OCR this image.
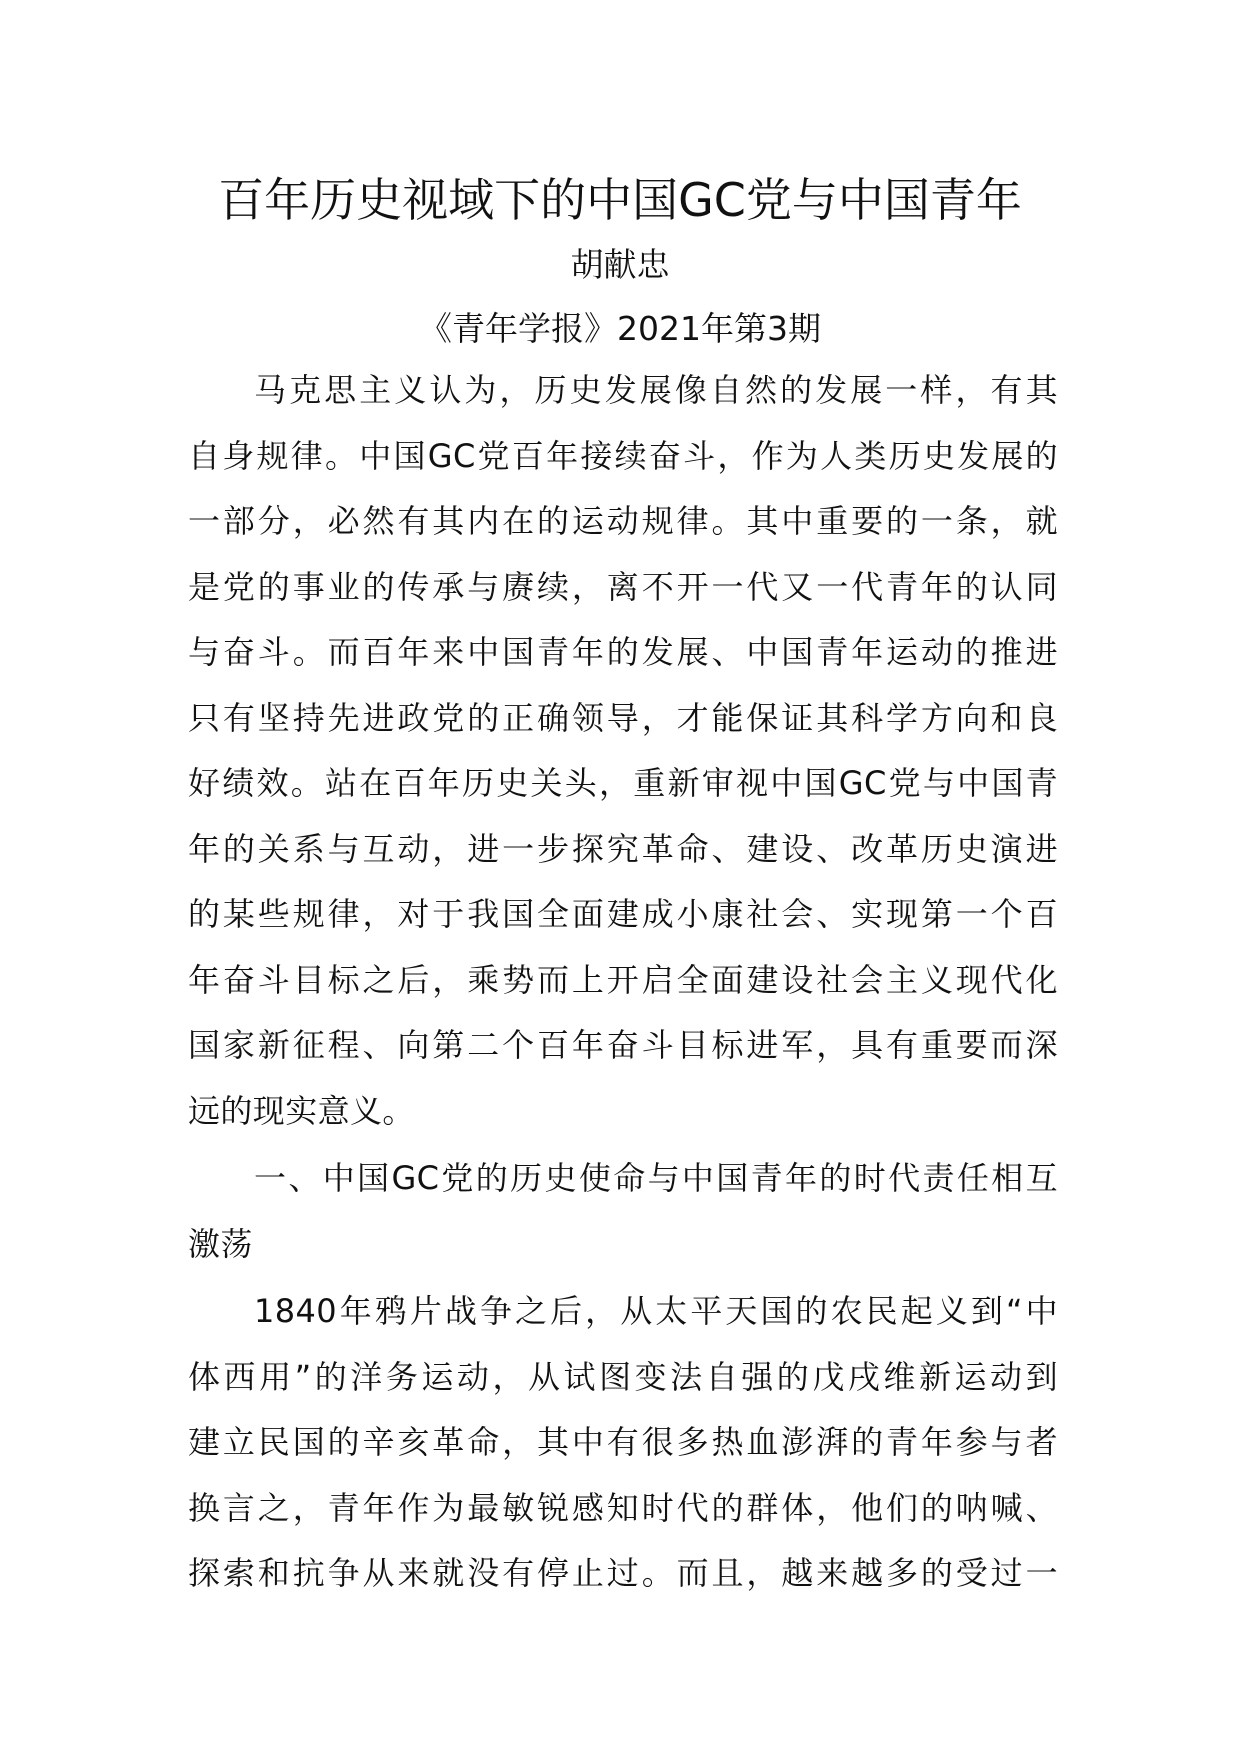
百年历史视域下的中国GC党与中国青年
胡献忠
《青年学报》2021年第3期
马克思主义认为，历史发展像自然的发展一样，有其
自身规律。中国GC党百年接续奋斗，作为人类历史发展的
一部分，必然有其内在的运动规律。其中重要的一条，就
是党的事业的传承与赓续，离不开一代又一代青年的认同
与奋斗。而百年来中国青年的发展、中国青年运动的推进
只有坚持先进政党的正确领导，才能保证其科学方向和良
好绩效。站在百年历史关头，重新审视中国GC党与中国青
年的关系与互动，进一步探究革命、建设、改革历史演进
的某些规律，对于我国全面建成小康社会、实现第一个百
年奋斗目标之后，乘势而上开启全面建设社会主义现代化
国家新征程、向第二个百年奋斗目标进军，具有重要而深
远的现实意义。
一、中国GC党的历史使命与中国青年的时代责任相互
激荡
1840年鸦片战争之后，从太平天国的农民起义到“中
体西用”的洋务运动，从试图变法自强的戊戌维新运动到
建立民国的辛亥革命，其中有很多热血澎湃的青年参与者
换言之，青年作为最敏锐感知时代的群体，他们的呐喊、
探索和抗争从来就没有停止过。而且，越来越多的受过一
